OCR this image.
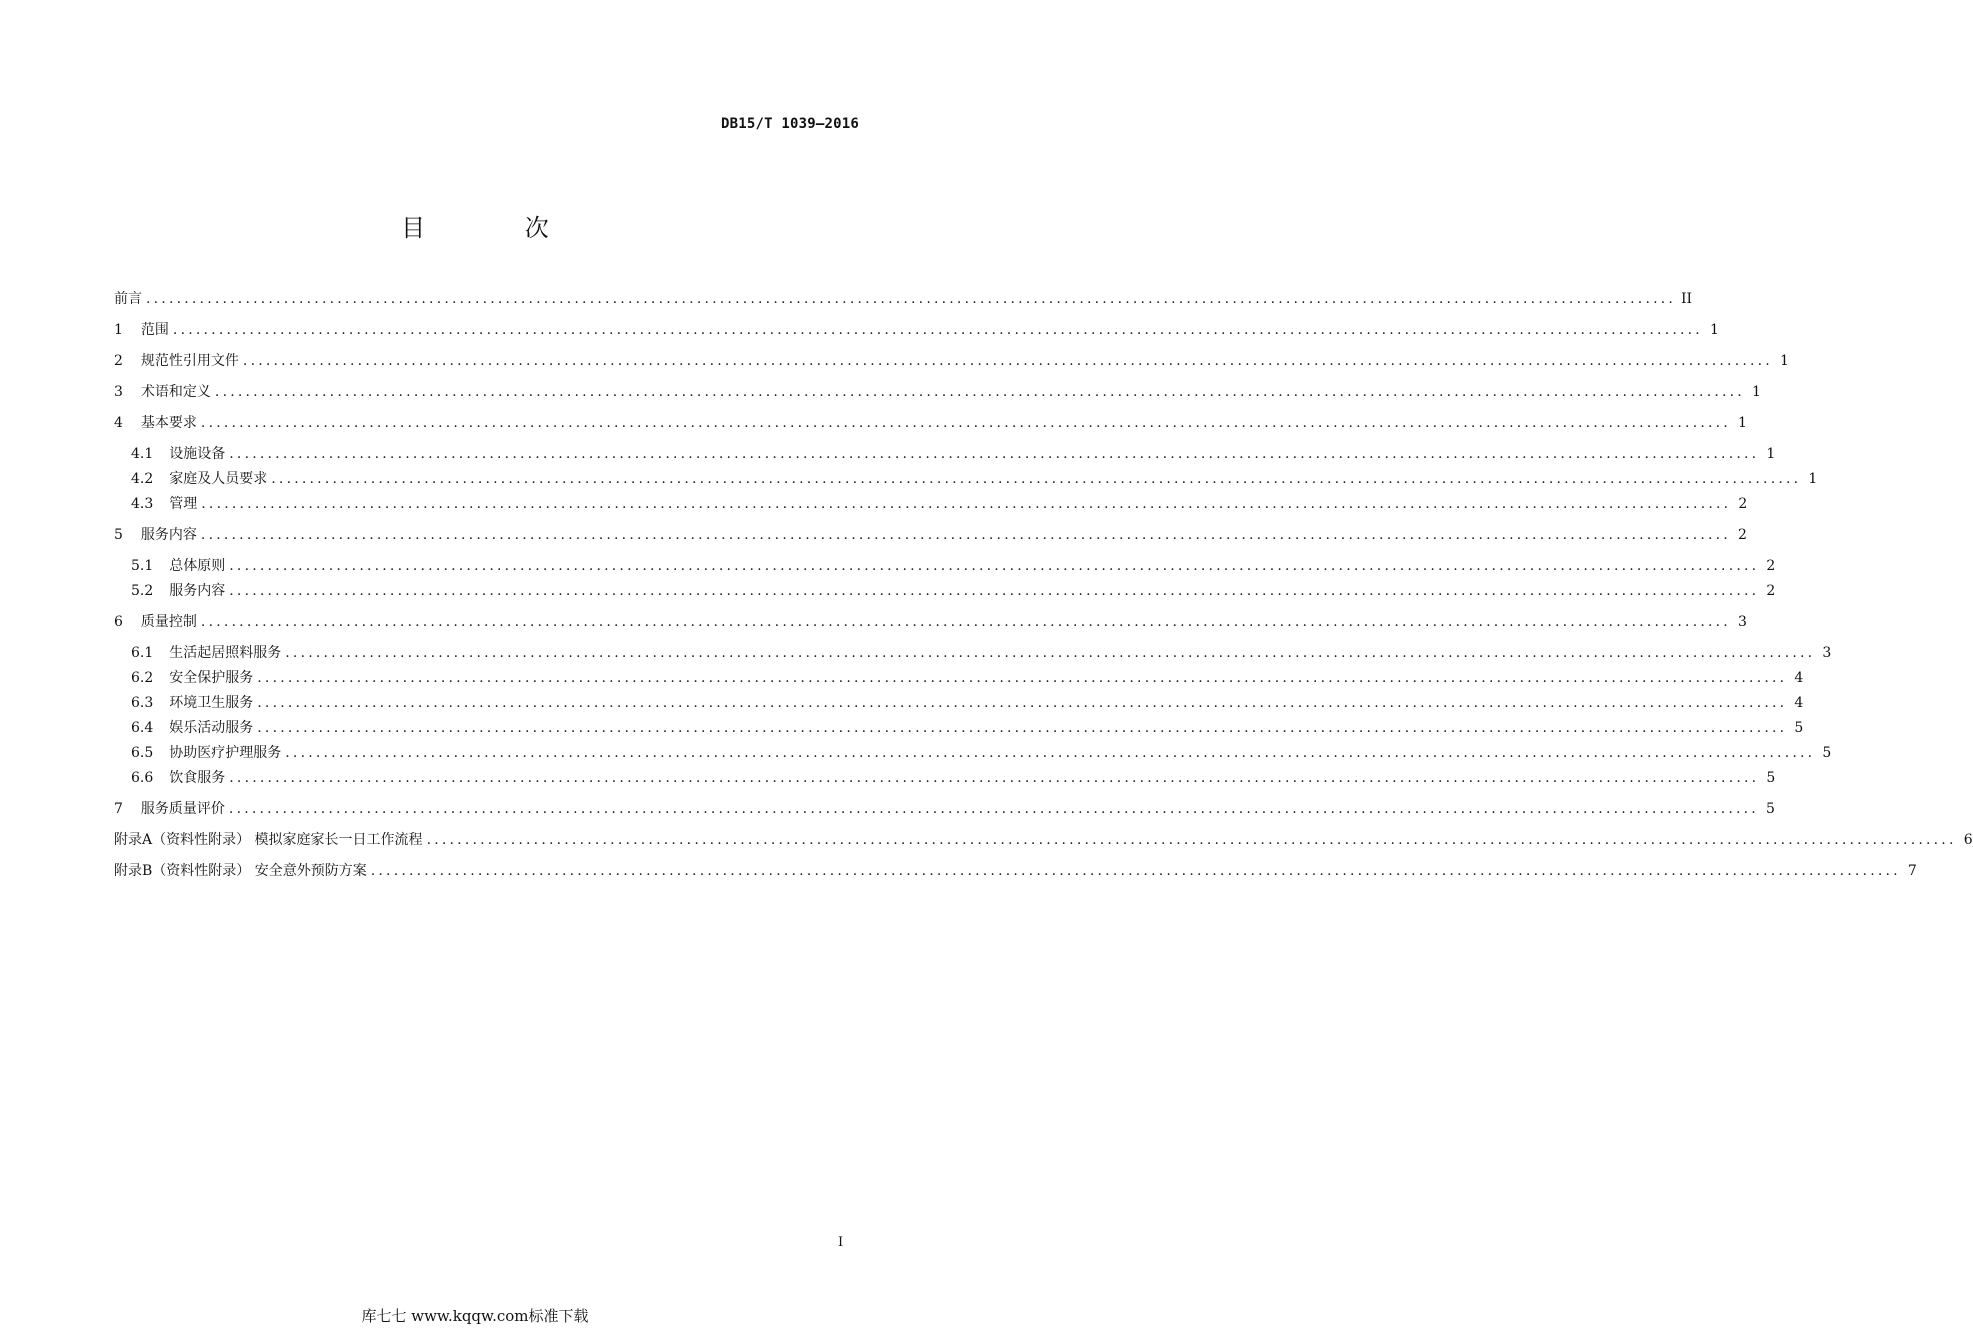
DB15/T 1039—2016
目 次
前言 ........................................................................................................................................................................................................ II
1 范围 ........................................................................................................................................................................................................ 1
2 规范性引用文件 ........................................................................................................................................................................................................ 1
3 术语和定义 ........................................................................................................................................................................................................ 1
4 基本要求 ........................................................................................................................................................................................................ 1
4.1 设施设备 ........................................................................................................................................................................................................ 1
4.2 家庭及人员要求 ........................................................................................................................................................................................................ 1
4.3 管理 ........................................................................................................................................................................................................ 2
5 服务内容 ........................................................................................................................................................................................................ 2
5.1 总体原则 ........................................................................................................................................................................................................ 2
5.2 服务内容 ........................................................................................................................................................................................................ 2
6 质量控制 ........................................................................................................................................................................................................ 3
6.1 生活起居照料服务 ........................................................................................................................................................................................................ 3
6.2 安全保护服务 ........................................................................................................................................................................................................ 4
6.3 环境卫生服务 ........................................................................................................................................................................................................ 4
6.4 娱乐活动服务 ........................................................................................................................................................................................................ 5
6.5 协助医疗护理服务 ........................................................................................................................................................................................................ 5
6.6 饮食服务 ........................................................................................................................................................................................................ 5
7 服务质量评价 ........................................................................................................................................................................................................ 5
附录A（资料性附录） 模拟家庭家长一日工作流程 ........................................................................................................................................................................................................ 6
附录B（资料性附录） 安全意外预防方案 ........................................................................................................................................................................................................ 7
I
库七七 www.kqqw.com标准下载
